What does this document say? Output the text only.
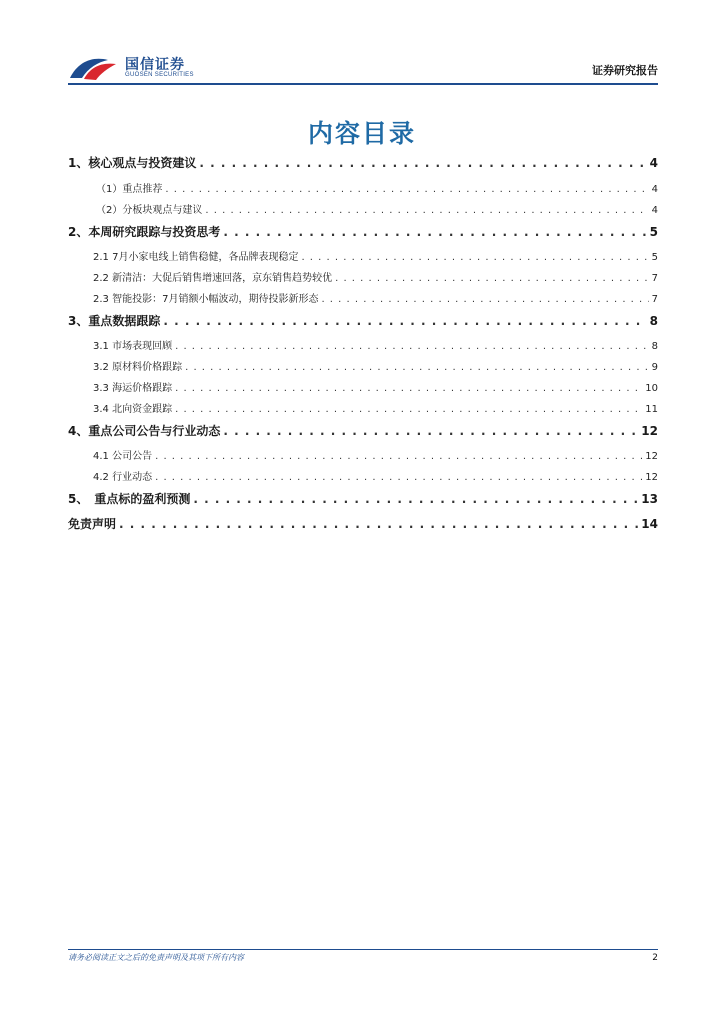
国信证券
GUOSEN SECURITIES	证券研究报告
内容目录
1、核心观点与投资建议 . . .	4
（1）重点推荐 . . .	4
（2）分板块观点与建议 . . .	4
2、本周研究跟踪与投资思考 . . .	5
2.1 7月小家电线上销售稳健，各品牌表现稳定 . . .	5
2.2 新清洁：大促后销售增速回落，京东销售趋势较优 . . .	7
2.3 智能投影：7月销额小幅波动，期待投影新形态 . . .	7
3、重点数据跟踪 . . .	8
3.1 市场表现回顾 . . .	8
3.2 原材料价格跟踪 . . .	9
3.3 海运价格跟踪 . . .	10
3.4 北向资金跟踪 . . .	11
4、重点公司公告与行业动态 . . .	12
4.1 公司公告 . . .	12
4.2 行业动态 . . .	12
5、　重点标的盈利预测 . . .	13
免责声明 . . .	14
请务必阅读正文之后的免责声明及其项下所有内容	2
